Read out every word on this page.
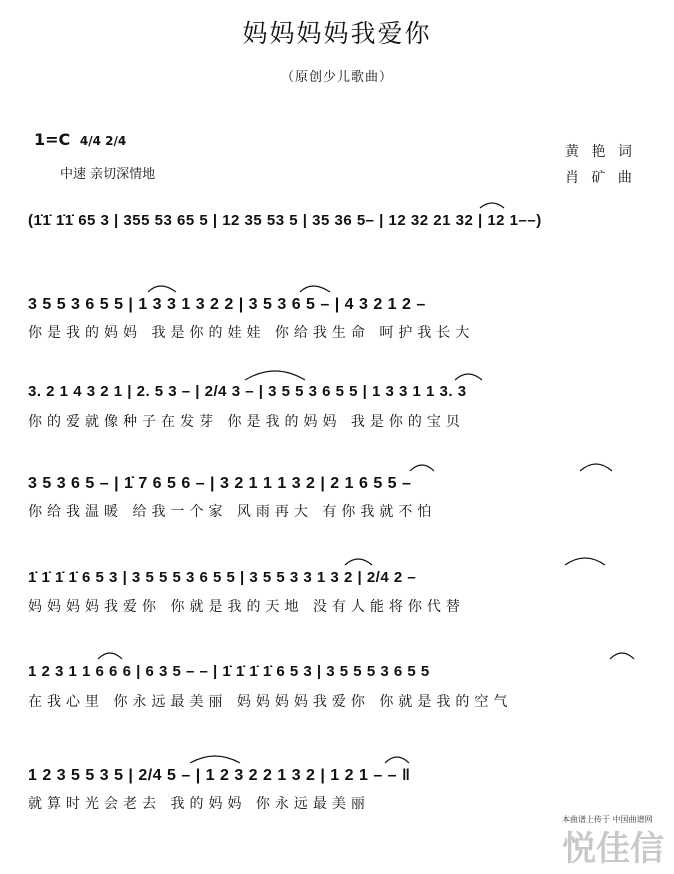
妈妈妈妈我爱你
（原创少儿歌曲）
1=C 4/4 2/4
中速 亲切深情地
黄 艳 词
肖 矿 曲
(1̇1̇ 1̇1̇ 65 3 | 355 53 65 5 | 12 35 53 5 | 35 36 5– | 12 32 21 32 | 12 1––)
3 5 5 3 6 5 5 | 1 3 3 1 3 2 2 | 3 5 3 6 5 – | 4 3 2 1 2 –
你是我的妈妈 我是你的娃娃 你给我生命 呵护我长大
3. 2 1 4 3 2 1 | 2. 5 3 – | 2/4 3 – | 3 5 5 3 6 5 5 | 1 3 3 1 1 3. 3
你的爱就像种子在发芽 你是我的妈妈 我是你的宝贝
3 5 3 6 5 – | 1̇ 7 6 5 6 – | 3 2 1 1 1 3 2 | 2 1 6 5 5 –
你给我温暖 给我一个家 风雨再大 有你我就不怕
1̇ 1̇ 1̇ 1̇ 6 5 3 | 3 5 5 5 3 6 5 5 | 3 5 5 3 3 1 3 2 | 2/4 2 –
妈妈妈妈我爱你 你就是我的天地 没有人能将你代替
1 2 3 1 1 6 6 6 | 6 3 5 – – | 1̇ 1̇ 1̇ 1̇ 6 5 3 | 3 5 5 5 3 6 5 5
在我心里 你永远最美丽 妈妈妈妈我爱你 你就是我的空气
1 2 3 5 5 3 5 | 2/4 5 – | 1 2 3 2 2 1 3 2 | 1 2 1 – – ‖
就算时光会老去 我的妈妈 你永远最美丽
本曲谱上传于 中国曲谱网
悦佳信
